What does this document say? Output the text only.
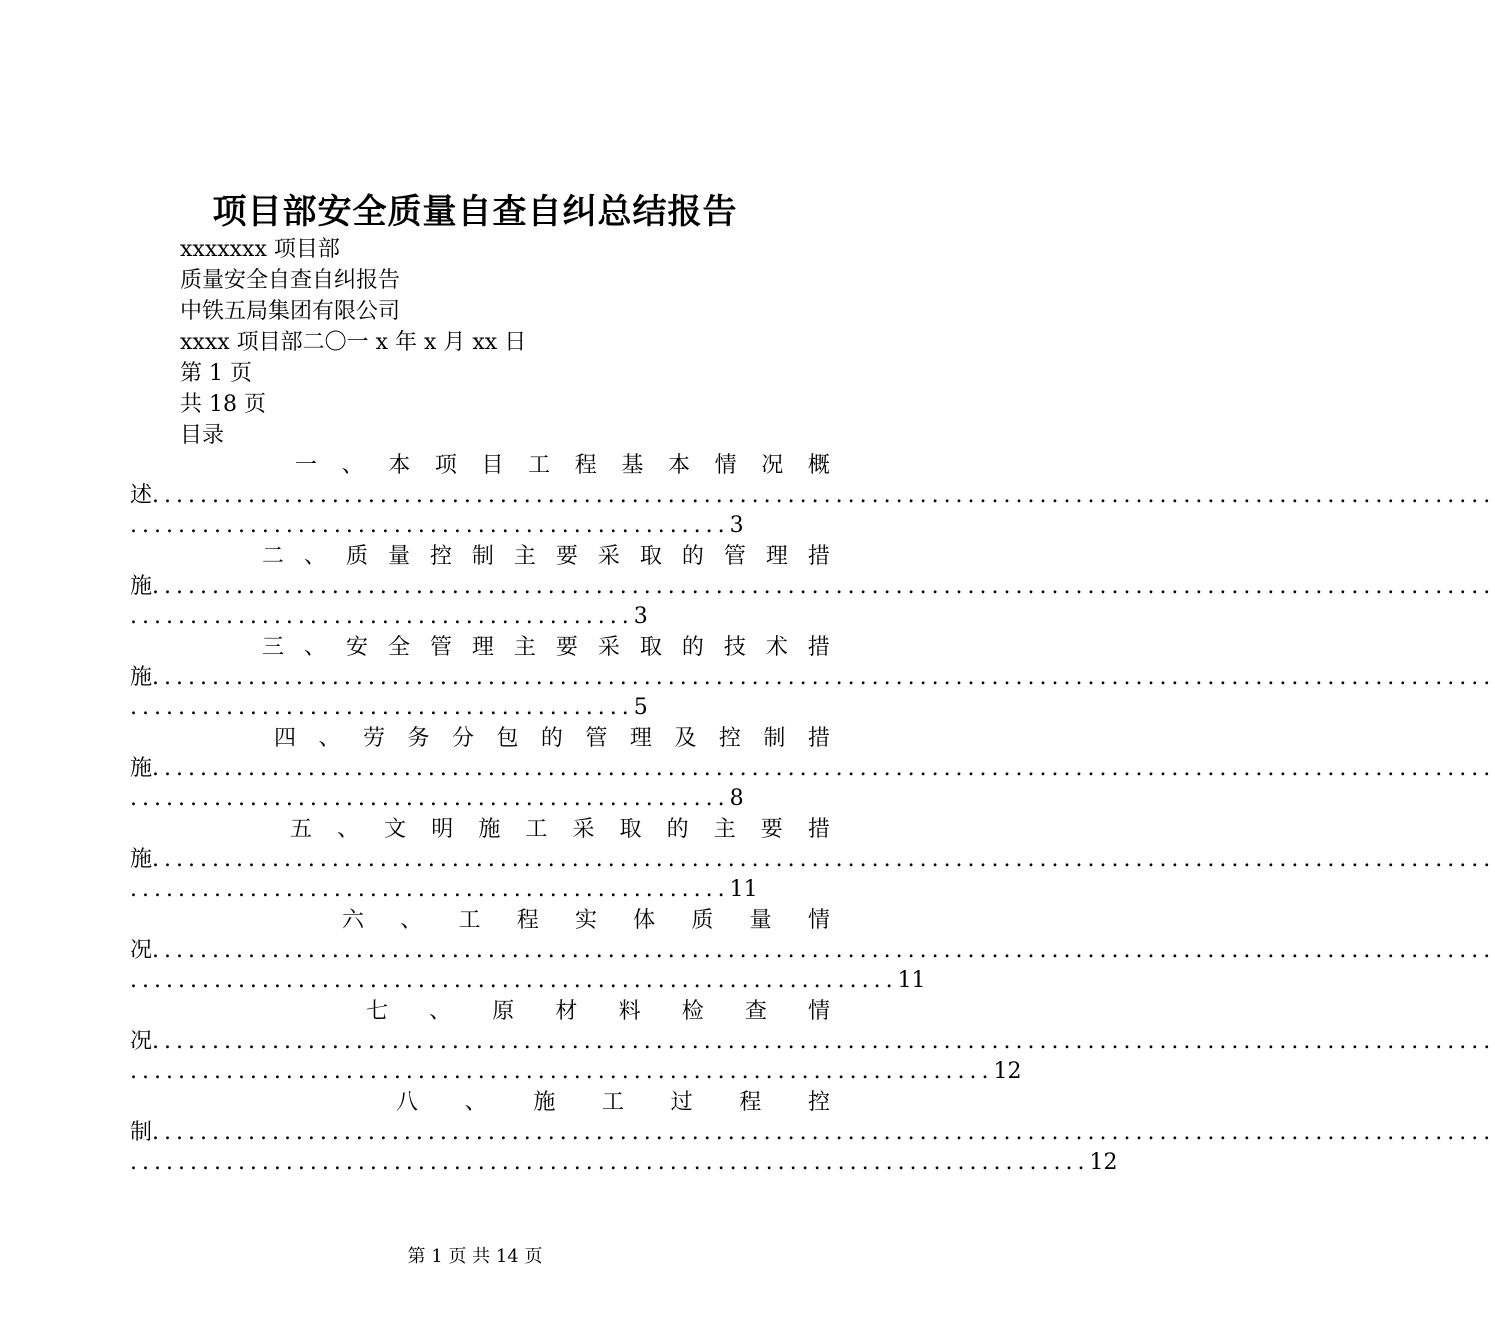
项目部安全质量自查自纠总结报告
xxxxxxx 项目部
质量安全自查自纠报告
中铁五局集团有限公司
xxxx 项目部二〇一 x 年 x 月 xx 日
第 1 页
共 18 页
目录
一 、 本 项 目 工 程 基 本 情 况 概
述................................................................................................................
.................................................. 3
二 、 质 量 控 制 主 要 采 取 的 管 理 措
施................................................................................................................
.......................................... 3
三 、 安 全 管 理 主 要 采 取 的 技 术 措
施................................................................................................................
.......................................... 5
四 、 劳 务 分 包 的 管 理 及 控 制 措
施................................................................................................................
.................................................. 8
五 、 文 明 施 工 采 取 的 主 要 措
施................................................................................................................
.................................................. 11
六 、 工 程 实 体 质 量 情
况................................................................................................................
................................................................ 11
七 、 原 材 料 检 查 情
况................................................................................................................
........................................................................ 12
八 、 施 工 过 程 控
制................................................................................................................
................................................................................ 12
第 1 页 共 14 页
